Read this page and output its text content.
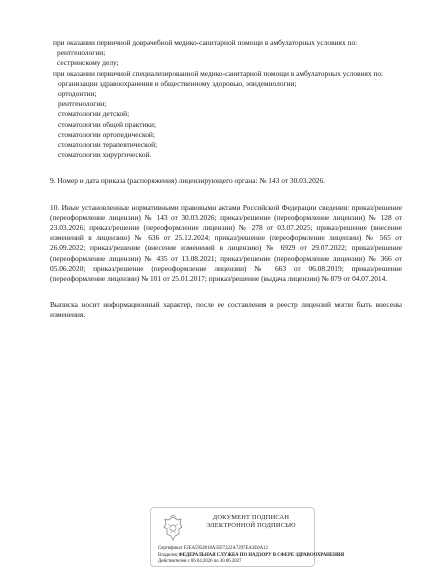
при оказании первичной доврачебной медико-санитарной помощи в амбулаторных условиях по:
рентгенологии;
сестринскому делу;
при оказании первичной специализированной медико-санитарной помощи в амбулаторных условиях по:
организации здравоохранения и общественному здоровью, эпидемиологии;
ортодонтии;
рентгенологии;
стоматологии детской;
стоматологии общей практики;
стоматологии ортопедической;
стоматологии терапевтической;
стоматологии хирургической.
9. Номер и дата приказа (распоряжения) лицензирующего органа: № 143 от 30.03.2026.
10. Иные установленные нормативными правовыми актами Российской Федерации сведения: приказ/решение (переоформление лицензии) № 143 от 30.03.2026; приказ/решение (переоформление лицензии) № 128 от 23.03.2026; приказ/решение (переоформление лицензии) № 278 от 03.07.2025; приказ/решение (внесение изменений в лицензию) № 636 от 25.12.2024; приказ/решение (переоформление лицензии) № 565 от 26.09.2022; приказ/решение (внесение изменений в лицензию) № 6929 от 29.07.2022; приказ/решение (переоформление лицензии) № 435 от 13.08.2021; приказ/решение (переоформление лицензии) № 366 от 05.06.2020; приказ/решение (переоформление лицензии) № 663 от 06.08.2019; приказ/решение (переоформление лицензии) № 101 от 25.01.2017; приказ/решение (выдача лицензии) № 879 от 04.07.2014.
Выписка носит информационный характер, после ее составления в реестр лицензий могли быть внесены изменения.
ДОКУМЕНТ ПОДПИСАН
ЭЛЕКТРОННОЙ ПОДПИСЬЮ
Сертификат F2EA5954818A35F7222A7297EA3E0A12
Владелец ФЕДЕРАЛЬНАЯ СЛУЖБА ПО НАДЗОРУ В СФЕРЕ ЗДРАВООХРАНЕНИЯ
Действителен с 06.04.2026 по 30.06.2027
